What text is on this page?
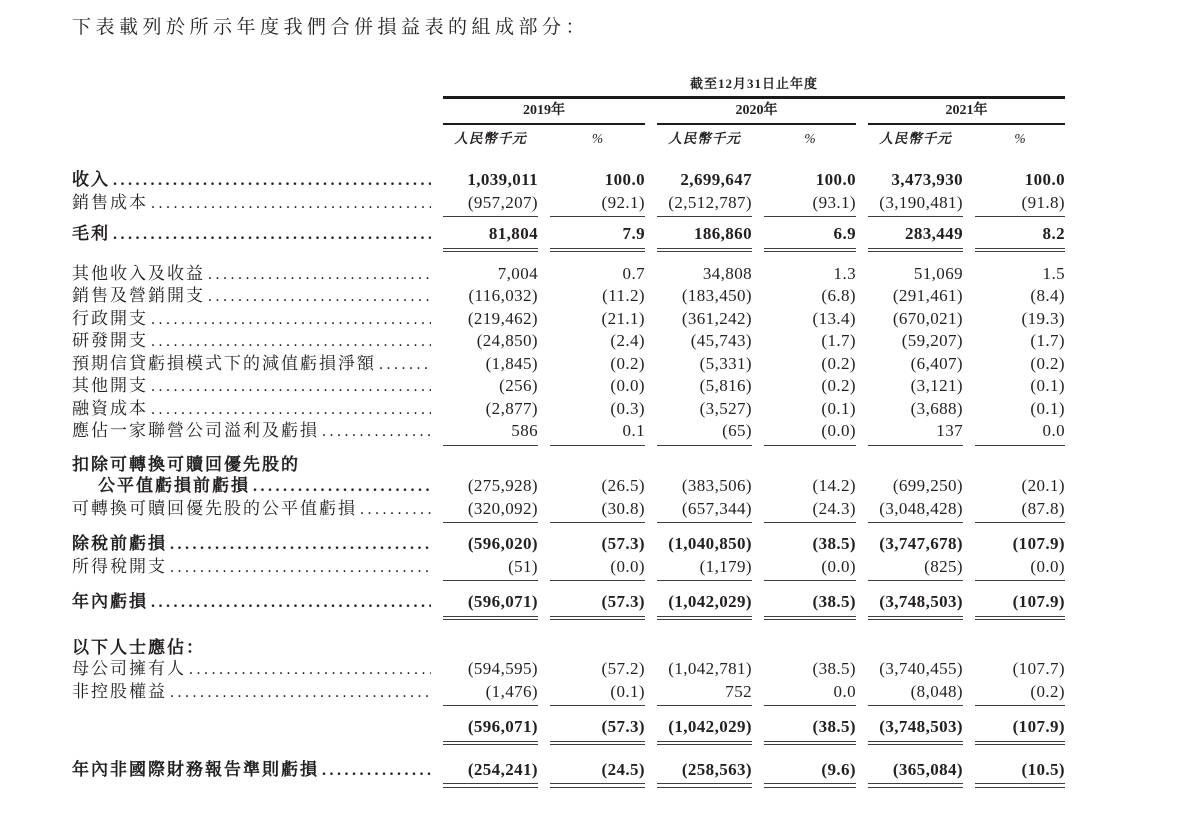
下表載列於所示年度我們合併損益表的組成部分：
截至12月31日止年度
2019年	2020年	2021年
人民幣千元	%	人民幣千元	%	人民幣千元	%
收入 .....	1,039,011	100.0	2,699,647	100.0	3,473,930	100.0
銷售成本 .....	(957,207)	(92.1)	(2,512,787)	(93.1)	(3,190,481)	(91.8)
毛利 .....	81,804	7.9	186,860	6.9	283,449	8.2
其他收入及收益 .....	7,004	0.7	34,808	1.3	51,069	1.5
銷售及營銷開支 .....	(116,032)	(11.2)	(183,450)	(6.8)	(291,461)	(8.4)
行政開支 .....	(219,462)	(21.1)	(361,242)	(13.4)	(670,021)	(19.3)
研發開支 .....	(24,850)	(2.4)	(45,743)	(1.7)	(59,207)	(1.7)
預期信貸虧損模式下的減值虧損淨額 .....	(1,845)	(0.2)	(5,331)	(0.2)	(6,407)	(0.2)
其他開支 .....	(256)	(0.0)	(5,816)	(0.2)	(3,121)	(0.1)
融資成本 .....	(2,877)	(0.3)	(3,527)	(0.1)	(3,688)	(0.1)
應佔一家聯營公司溢利及虧損 .....	586	0.1	(65)	(0.0)	137	0.0
扣除可轉換可贖回優先股的
公平值虧損前虧損 .....	(275,928)	(26.5)	(383,506)	(14.2)	(699,250)	(20.1)
可轉換可贖回優先股的公平值虧損 .....	(320,092)	(30.8)	(657,344)	(24.3)	(3,048,428)	(87.8)
除稅前虧損 .....	(596,020)	(57.3)	(1,040,850)	(38.5)	(3,747,678)	(107.9)
所得稅開支 .....	(51)	(0.0)	(1,179)	(0.0)	(825)	(0.0)
年內虧損 .....	(596,071)	(57.3)	(1,042,029)	(38.5)	(3,748,503)	(107.9)
以下人士應佔：
母公司擁有人 .....	(594,595)	(57.2)	(1,042,781)	(38.5)	(3,740,455)	(107.7)
非控股權益 .....	(1,476)	(0.1)	752	0.0	(8,048)	(0.2)
(596,071)	(57.3)	(1,042,029)	(38.5)	(3,748,503)	(107.9)
年內非國際財務報告準則虧損 .....	(254,241)	(24.5)	(258,563)	(9.6)	(365,084)	(10.5)
